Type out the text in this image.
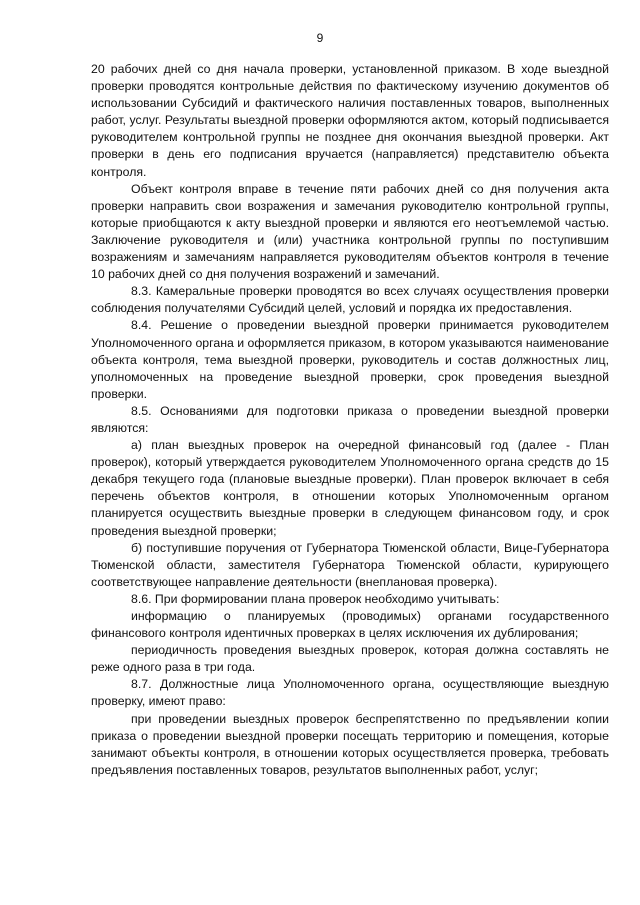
9

20 рабочих дней со дня начала проверки, установленной приказом. В ходе выездной проверки проводятся контрольные действия по фактическому изучению документов об использовании Субсидий и фактического наличия поставленных товаров, выполненных работ, услуг. Результаты выездной проверки оформляются актом, который подписывается руководителем контрольной группы не позднее дня окончания выездной проверки. Акт проверки в день его подписания вручается (направляется) представителю объекта контроля.

Объект контроля вправе в течение пяти рабочих дней со дня получения акта проверки направить свои возражения и замечания руководителю контрольной группы, которые приобщаются к акту выездной проверки и являются его неотъемлемой частью. Заключение руководителя и (или) участника контрольной группы по поступившим возражениям и замечаниям направляется руководителям объектов контроля в течение 10 рабочих дней со дня получения возражений и замечаний.

8.3. Камеральные проверки проводятся во всех случаях осуществления проверки соблюдения получателями Субсидий целей, условий и порядка их предоставления.

8.4. Решение о проведении выездной проверки принимается руководителем Уполномоченного органа и оформляется приказом, в котором указываются наименование объекта контроля, тема выездной проверки, руководитель и состав должностных лиц, уполномоченных на проведение выездной проверки, срок проведения выездной проверки.

8.5. Основаниями для подготовки приказа о проведении выездной проверки являются:

а) план выездных проверок на очередной финансовый год (далее - План проверок), который утверждается руководителем Уполномоченного органа средств до 15 декабря текущего года (плановые выездные проверки). План проверок включает в себя перечень объектов контроля, в отношении которых Уполномоченным органом планируется осуществить выездные проверки в следующем финансовом году, и срок проведения выездной проверки;

б) поступившие поручения от Губернатора Тюменской области, Вице-Губернатора Тюменской области, заместителя Губернатора Тюменской области, курирующего соответствующее направление деятельности (внеплановая проверка).

8.6. При формировании плана проверок необходимо учитывать:

информацию о планируемых (проводимых) органами государственного финансового контроля идентичных проверках в целях исключения их дублирования;

периодичность проведения выездных проверок, которая должна составлять не реже одного раза в три года.

8.7. Должностные лица Уполномоченного органа, осуществляющие выездную проверку, имеют право:

при проведении выездных проверок беспрепятственно по предъявлении копии приказа о проведении выездной проверки посещать территорию и помещения, которые занимают объекты контроля, в отношении которых осуществляется проверка, требовать предъявления поставленных товаров, результатов выполненных работ, услуг;
